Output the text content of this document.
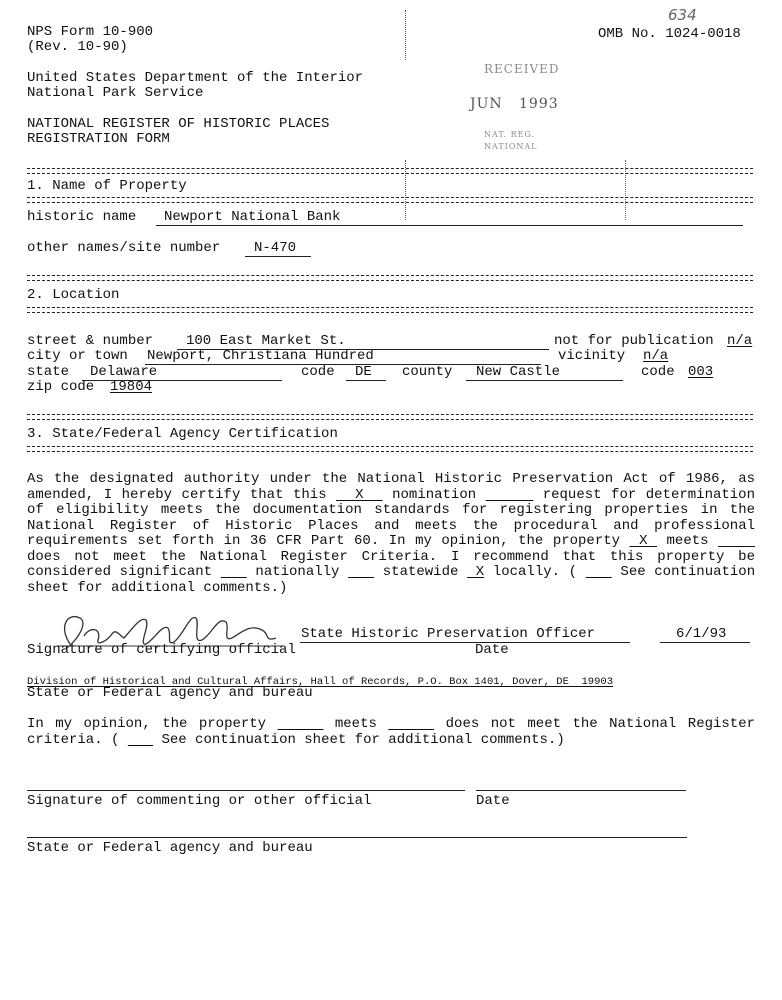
NPS Form 10-900
(Rev. 10-90)
OMB No. 1024-0018
634
United States Department of the Interior
National Park Service
NATIONAL REGISTER OF HISTORIC PLACES
REGISTRATION FORM
RECEIVED
JUN   1993
NAT. REG.
NATIONAL
1. Name of Property
historic name Newport National Bank
other names/site number N-470
2. Location
street & number 100 East Market St.	not for publication n/a
city or town Newport, Christiana Hundred	vicinity n/a
state Delaware	code DE county New Castle	code 003
zip code 19804
3. State/Federal Agency Certification
As the designated authority under the National Historic Preservation Act of 1986, as amended, I hereby certify that this X nomination	request for determination of eligibility meets the documentation standards for registering properties in the National Register of Historic Places and meets the procedural and professional requirements set forth in 36 CFR Part 60. In my opinion, the property X meets      does not meet the National Register Criteria. I recommend that this property be considered significant	nationally	statewide X locally. (	See continuation sheet for additional comments.)
State Historic Preservation Officer	6/1/93
Signature of certifying official	Date
Division of Historical and Cultural Affairs, Hall of Records, P.O. Box 1401, Dover, DE  19903
State or Federal agency and bureau
In my opinion, the property	meets	does not meet the National Register criteria. (	See continuation sheet for additional comments.)
Signature of commenting or other official	Date
State or Federal agency and bureau
